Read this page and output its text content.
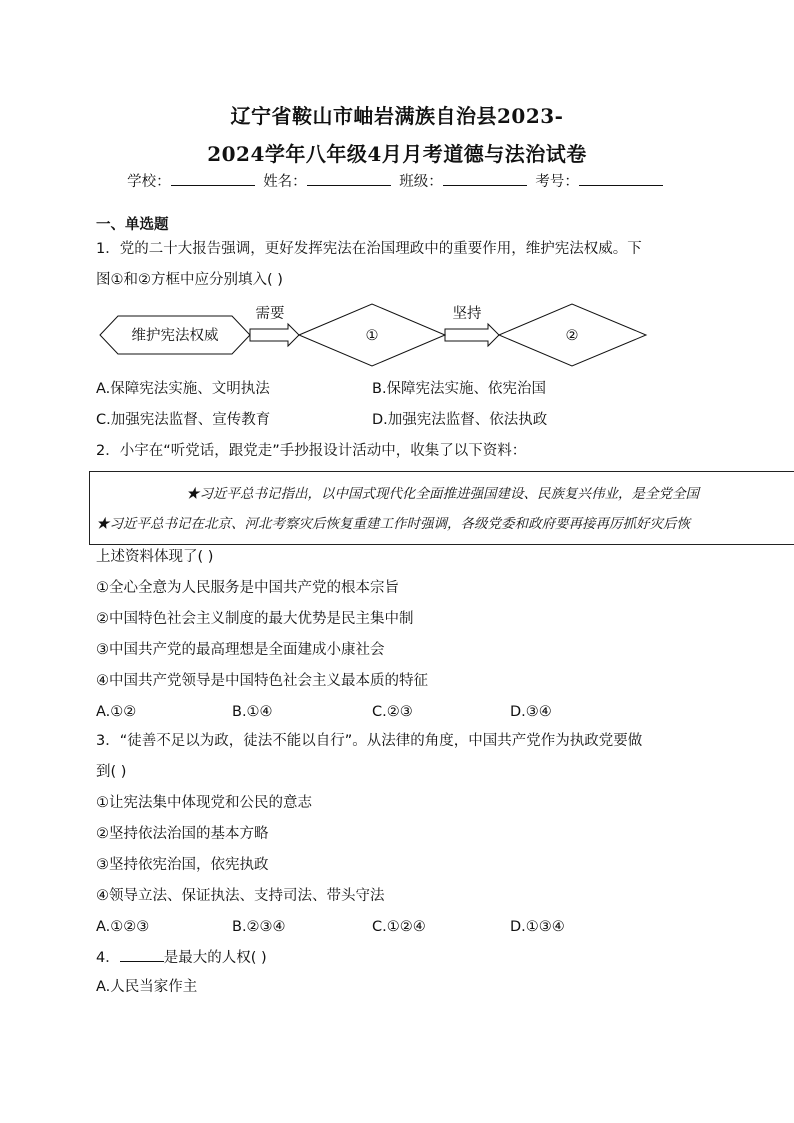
辽宁省鞍山市岫岩满族自治县2023-
2024学年八年级4月月考道德与法治试卷
学校：	姓名：	班级：	考号：
一、单选题
1．党的二十大报告强调，更好发挥宪法在治国理政中的重要作用，维护宪法权威。下
图①和②方框中应分别填入( )
维护宪法权威
需要
①
坚持
②
A.保障宪法实施、文明执法	B.保障宪法实施、依宪治国
C.加强宪法监督、宣传教育	D.加强宪法监督、依法执政
2．小宇在“听党话，跟党走”手抄报设计活动中，收集了以下资料：
★习近平总书记指出，以中国式现代化全面推进强国建设、民族复兴伟业，是全党全国
★习近平总书记在北京、河北考察灾后恢复重建工作时强调，各级党委和政府要再接再厉抓好灾后恢
上述资料体现了( )
①全心全意为人民服务是中国共产党的根本宗旨
②中国特色社会主义制度的最大优势是民主集中制
③中国共产党的最高理想是全面建成小康社会
④中国共产党领导是中国特色社会主义最本质的特征
A.①②	B.①④	C.②③	D.③④
3．“徒善不足以为政，徒法不能以自行”。从法律的角度，中国共产党作为执政党要做
到( )
①让宪法集中体现党和公民的意志
②坚持依法治国的基本方略
③坚持依宪治国，依宪执政
④领导立法、保证执法、支持司法、带头守法
A.①②③	B.②③④	C.①②④	D.①③④
4．	是最大的人权( )
A.人民当家作主
